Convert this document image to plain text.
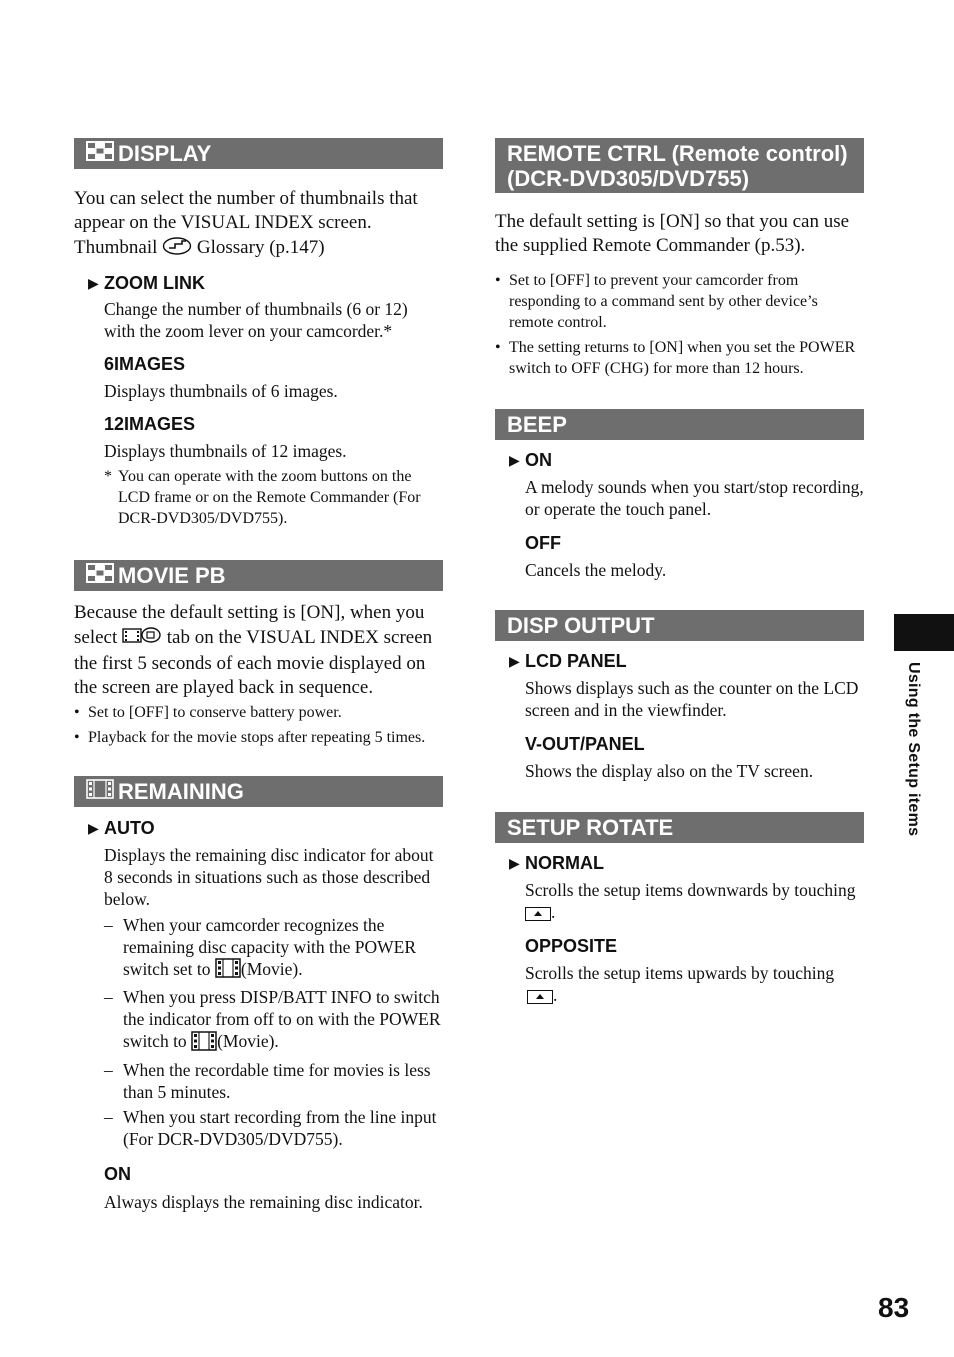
DISPLAY

You can select the number of thumbnails that appear on the VISUAL INDEX screen.
Thumbnail Glossary (p.147)

▶ ZOOM LINK

Change the number of thumbnails (6 or 12) with the zoom lever on your camcorder.*

6IMAGES

Displays thumbnails of 6 images.

12IMAGES

Displays thumbnails of 12 images.

* You can operate with the zoom buttons on the LCD frame or on the Remote Commander (For DCR-DVD305/DVD755).

MOVIE PB

Because the default setting is [ON], when you select	tab on the VISUAL INDEX screen the first 5 seconds of each movie displayed on the screen are played back in sequence.

• Set to [OFF] to conserve battery power.

• Playback for the movie stops after repeating 5 times.

REMAINING
▶ AUTO

Displays the remaining disc indicator for about 8 seconds in situations such as those described below.

– When your camcorder recognizes the remaining disc capacity with the POWER switch set to (Movie).

– When you press DISP/BATT INFO to switch the indicator from off to on with the POWER switch to (Movie).

– When the recordable time for movies is less than 5 minutes.

– When you start recording from the line input (For DCR-DVD305/DVD755).

ON

Always displays the remaining disc indicator.

REMOTE CTRL (Remote control)
(DCR-DVD305/DVD755)

The default setting is [ON] so that you can use the supplied Remote Commander (p.53).

• Set to [OFF] to prevent your camcorder from responding to a command sent by other device’s remote control.

• The setting returns to [ON] when you set the POWER switch to OFF (CHG) for more than 12 hours.

BEEP
▶ ON

A melody sounds when you start/stop recording, or operate the touch panel.

OFF

Cancels the melody.

DISP OUTPUT
▶ LCD PANEL

Shows displays such as the counter on the LCD screen and in the viewfinder.

V-OUT/PANEL

Shows the display also on the TV screen.

SETUP ROTATE
▶ NORMAL

Scrolls the setup items downwards by touching .

OPPOSITE

Scrolls the setup items upwards by touching .

Using the Setup items
83
